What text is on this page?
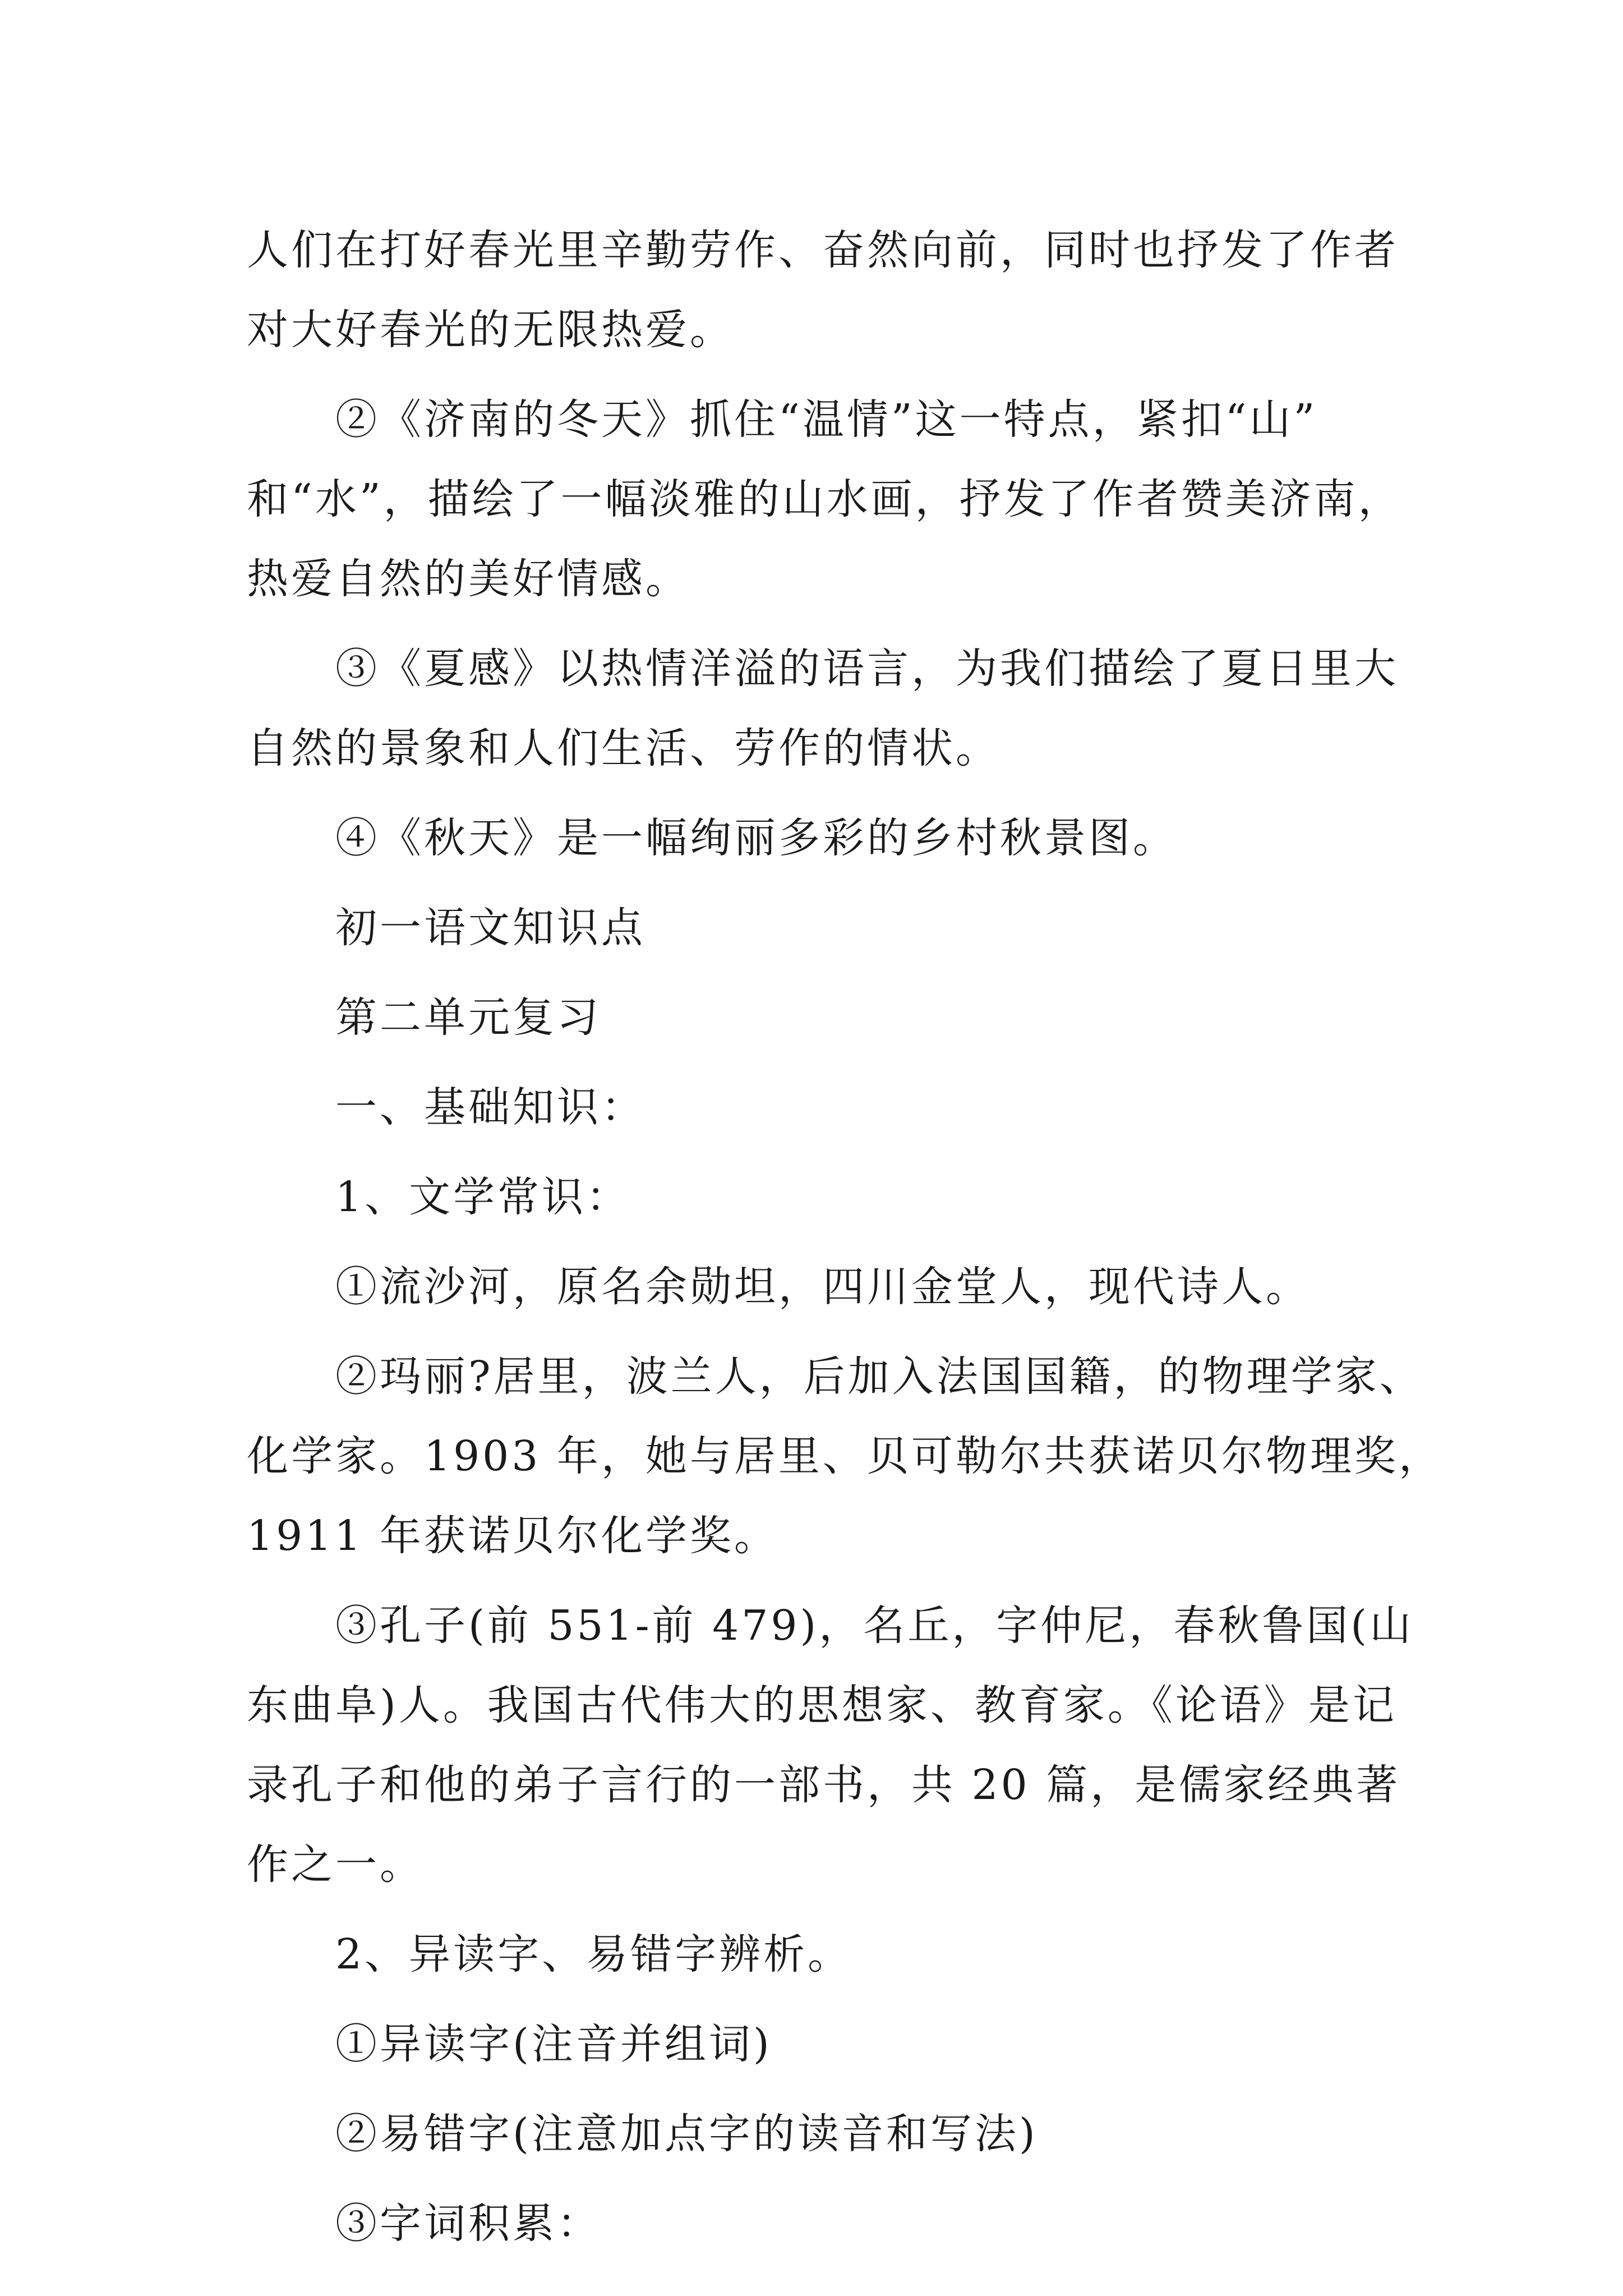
人们在打好春光里辛勤劳作、奋然向前，同时也抒发了作者
对大好春光的无限热爱。

②《济南的冬天》抓住“温情”这一特点，紧扣“山”
和“水”，描绘了一幅淡雅的山水画，抒发了作者赞美济南，
热爱自然的美好情感。

③《夏感》以热情洋溢的语言，为我们描绘了夏日里大
自然的景象和人们生活、劳作的情状。

④《秋天》是一幅绚丽多彩的乡村秋景图。

初一语文知识点

第二单元复习

一、基础知识：

1、文学常识：

①流沙河，原名余勋坦，四川金堂人，现代诗人。

②玛丽?居里，波兰人，后加入法国国籍，的物理学家、
化学家。1903 年，她与居里、贝可勒尔共获诺贝尔物理奖，
1911 年获诺贝尔化学奖。

③孔子(前 551-前 479)，名丘，字仲尼，春秋鲁国(山
东曲阜)人。我国古代伟大的思想家、教育家。《论语》是记
录孔子和他的弟子言行的一部书，共 20 篇，是儒家经典著
作之一。

2、异读字、易错字辨析。

①异读字(注音并组词)

②易错字(注意加点字的读音和写法)

③字词积累：
